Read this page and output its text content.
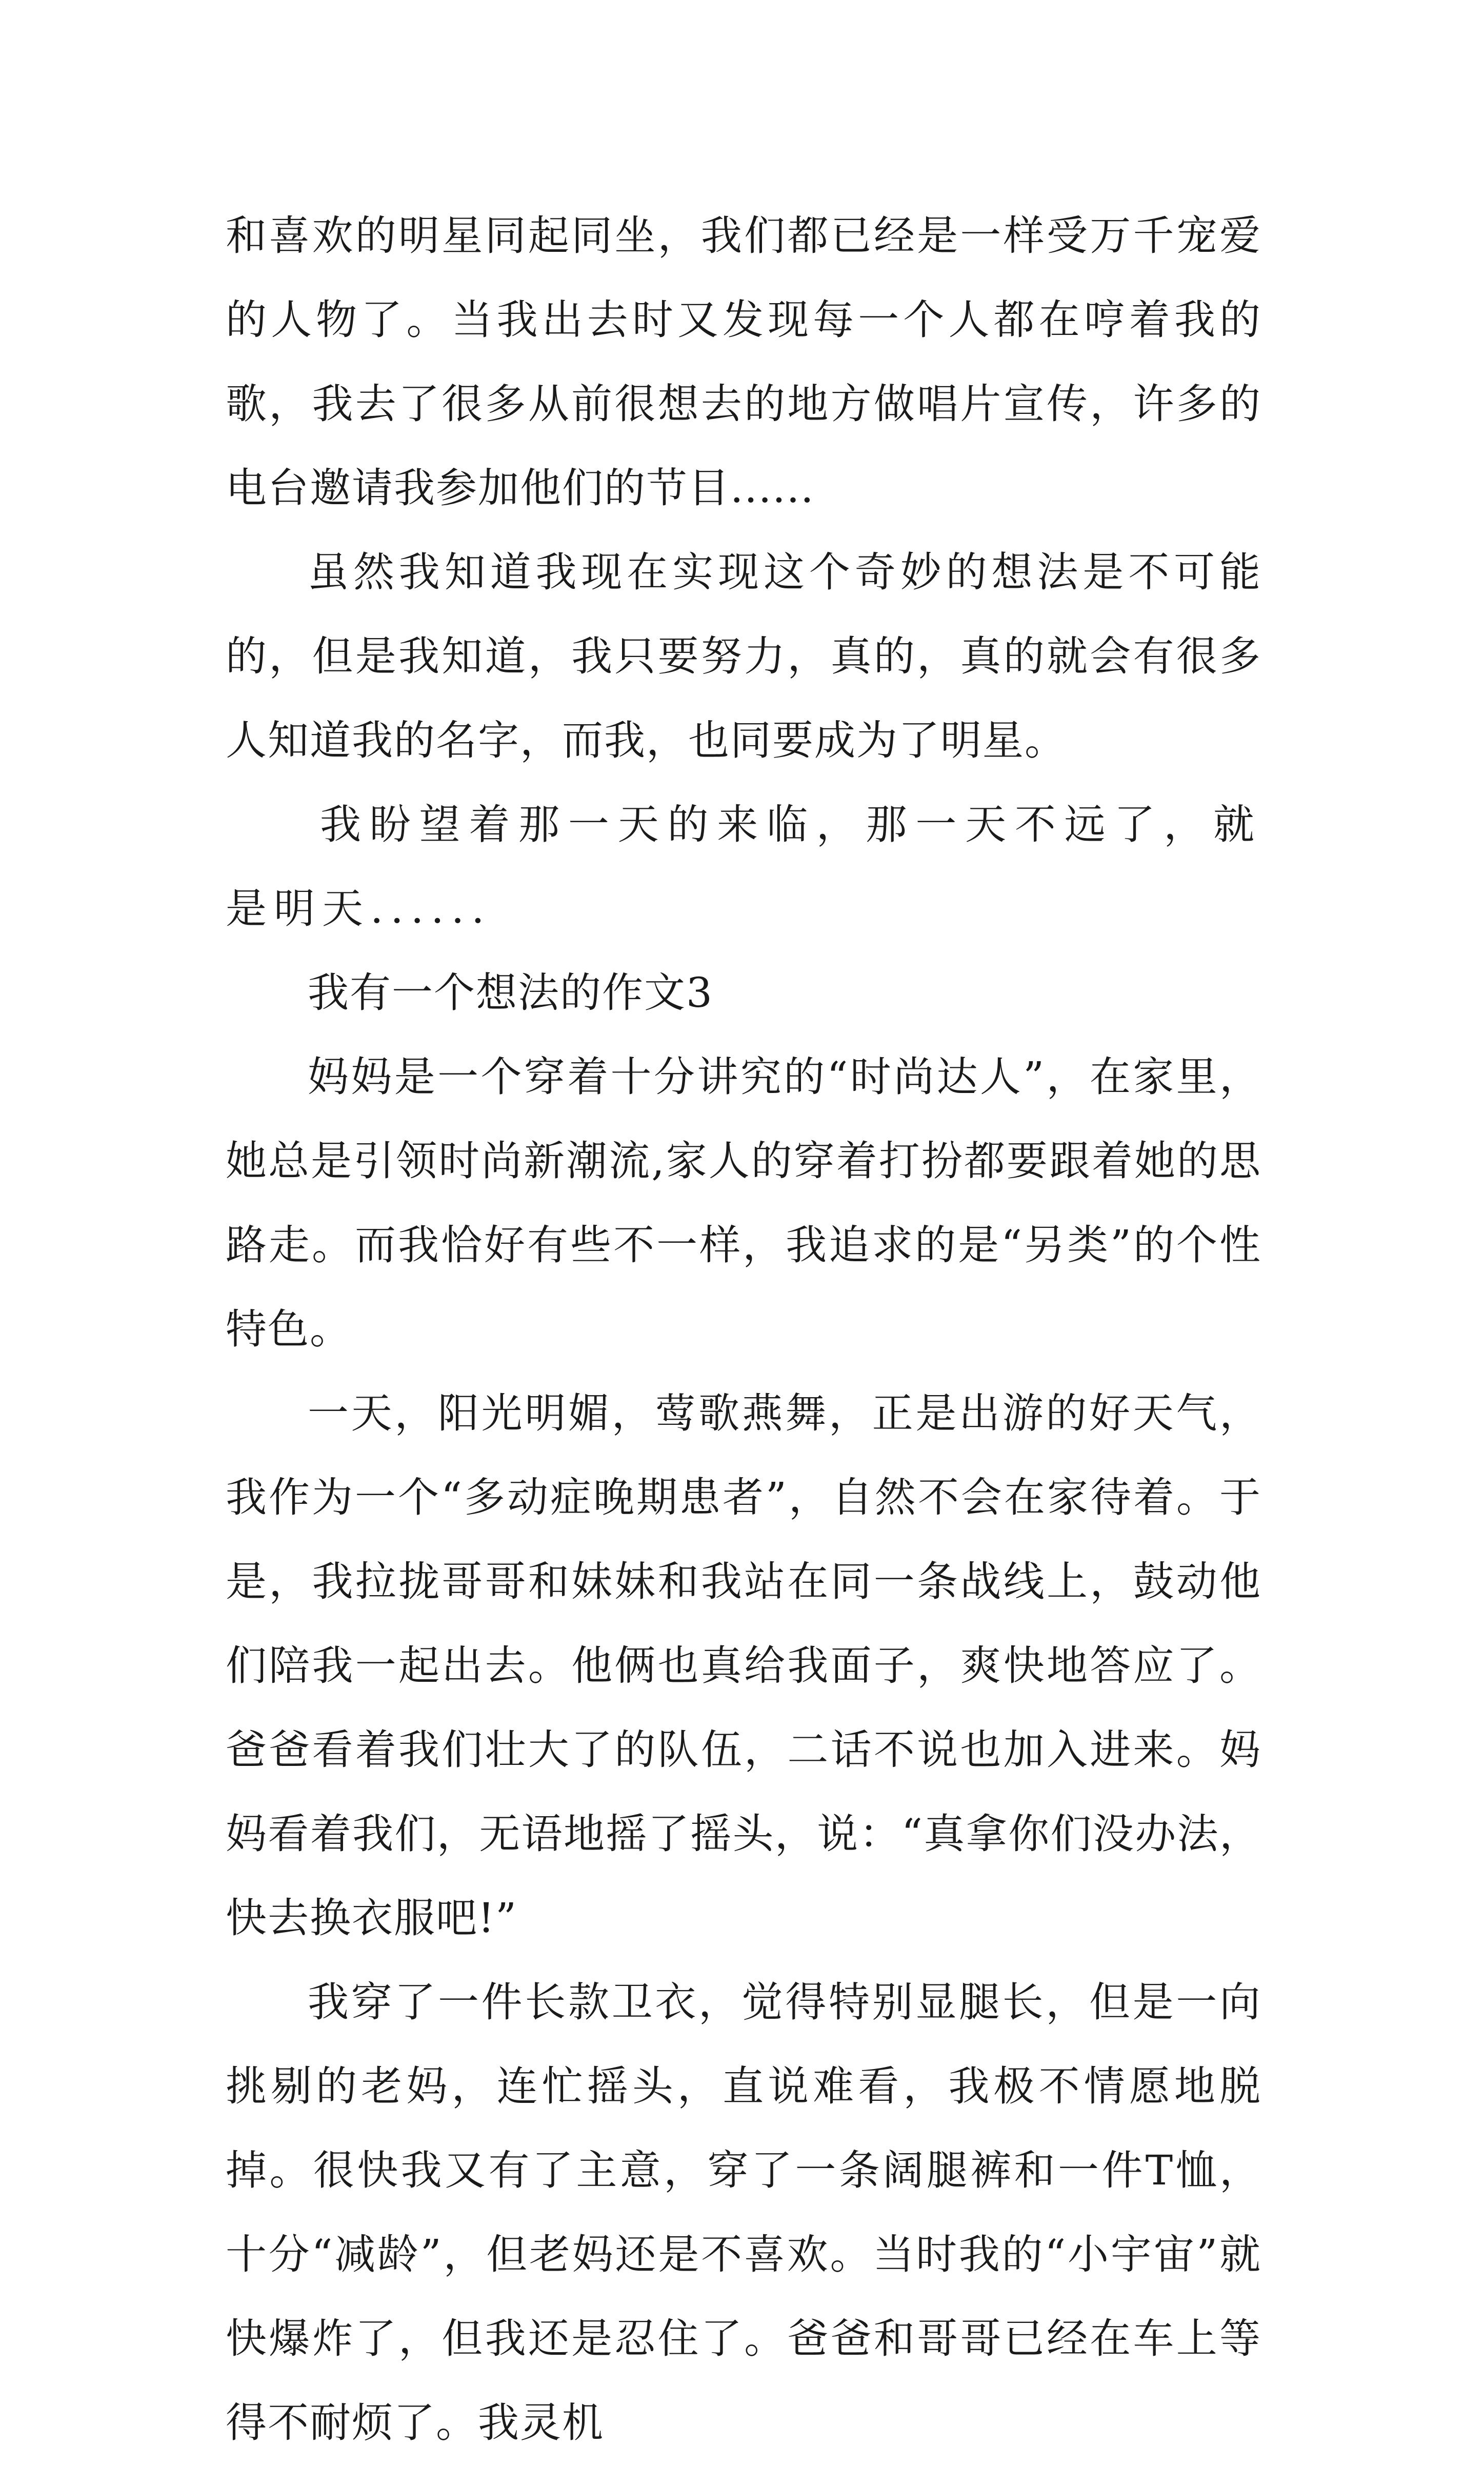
和喜欢的明星同起同坐，我们都已经是一样受万千宠爱的人物了。当我出去时又发现每一个人都在哼着我的歌，我去了很多从前很想去的地方做唱片宣传，许多的电台邀请我参加他们的节目......

虽然我知道我现在实现这个奇妙的想法是不可能的，但是我知道，我只要努力，真的，真的就会有很多人知道我的名字，而我，也同要成为了明星。

我盼望着那一天的来临，那一天不远了，就是明天......

我有一个想法的作文3

妈妈是一个穿着十分讲究的“时尚达人”，在家里，她总是引领时尚新潮流,家人的穿着打扮都要跟着她的思路走。而我恰好有些不一样，我追求的是“另类”的个性特色。

一天，阳光明媚，莺歌燕舞，正是出游的好天气，我作为一个“多动症晚期患者”，自然不会在家待着。于是，我拉拢哥哥和妹妹和我站在同一条战线上，鼓动他们陪我一起出去。他俩也真给我面子，爽快地答应了。爸爸看着我们壮大了的队伍，二话不说也加入进来。妈妈看着我们，无语地摇了摇头，说：“真拿你们没办法，快去换衣服吧!”

我穿了一件长款卫衣，觉得特别显腿长，但是一向挑剔的老妈，连忙摇头，直说难看，我极不情愿地脱掉。很快我又有了主意，穿了一条阔腿裤和一件T恤，十分“减龄”，但老妈还是不喜欢。当时我的“小宇宙”就快爆炸了，但我还是忍住了。爸爸和哥哥已经在车上等得不耐烦了。我灵机
